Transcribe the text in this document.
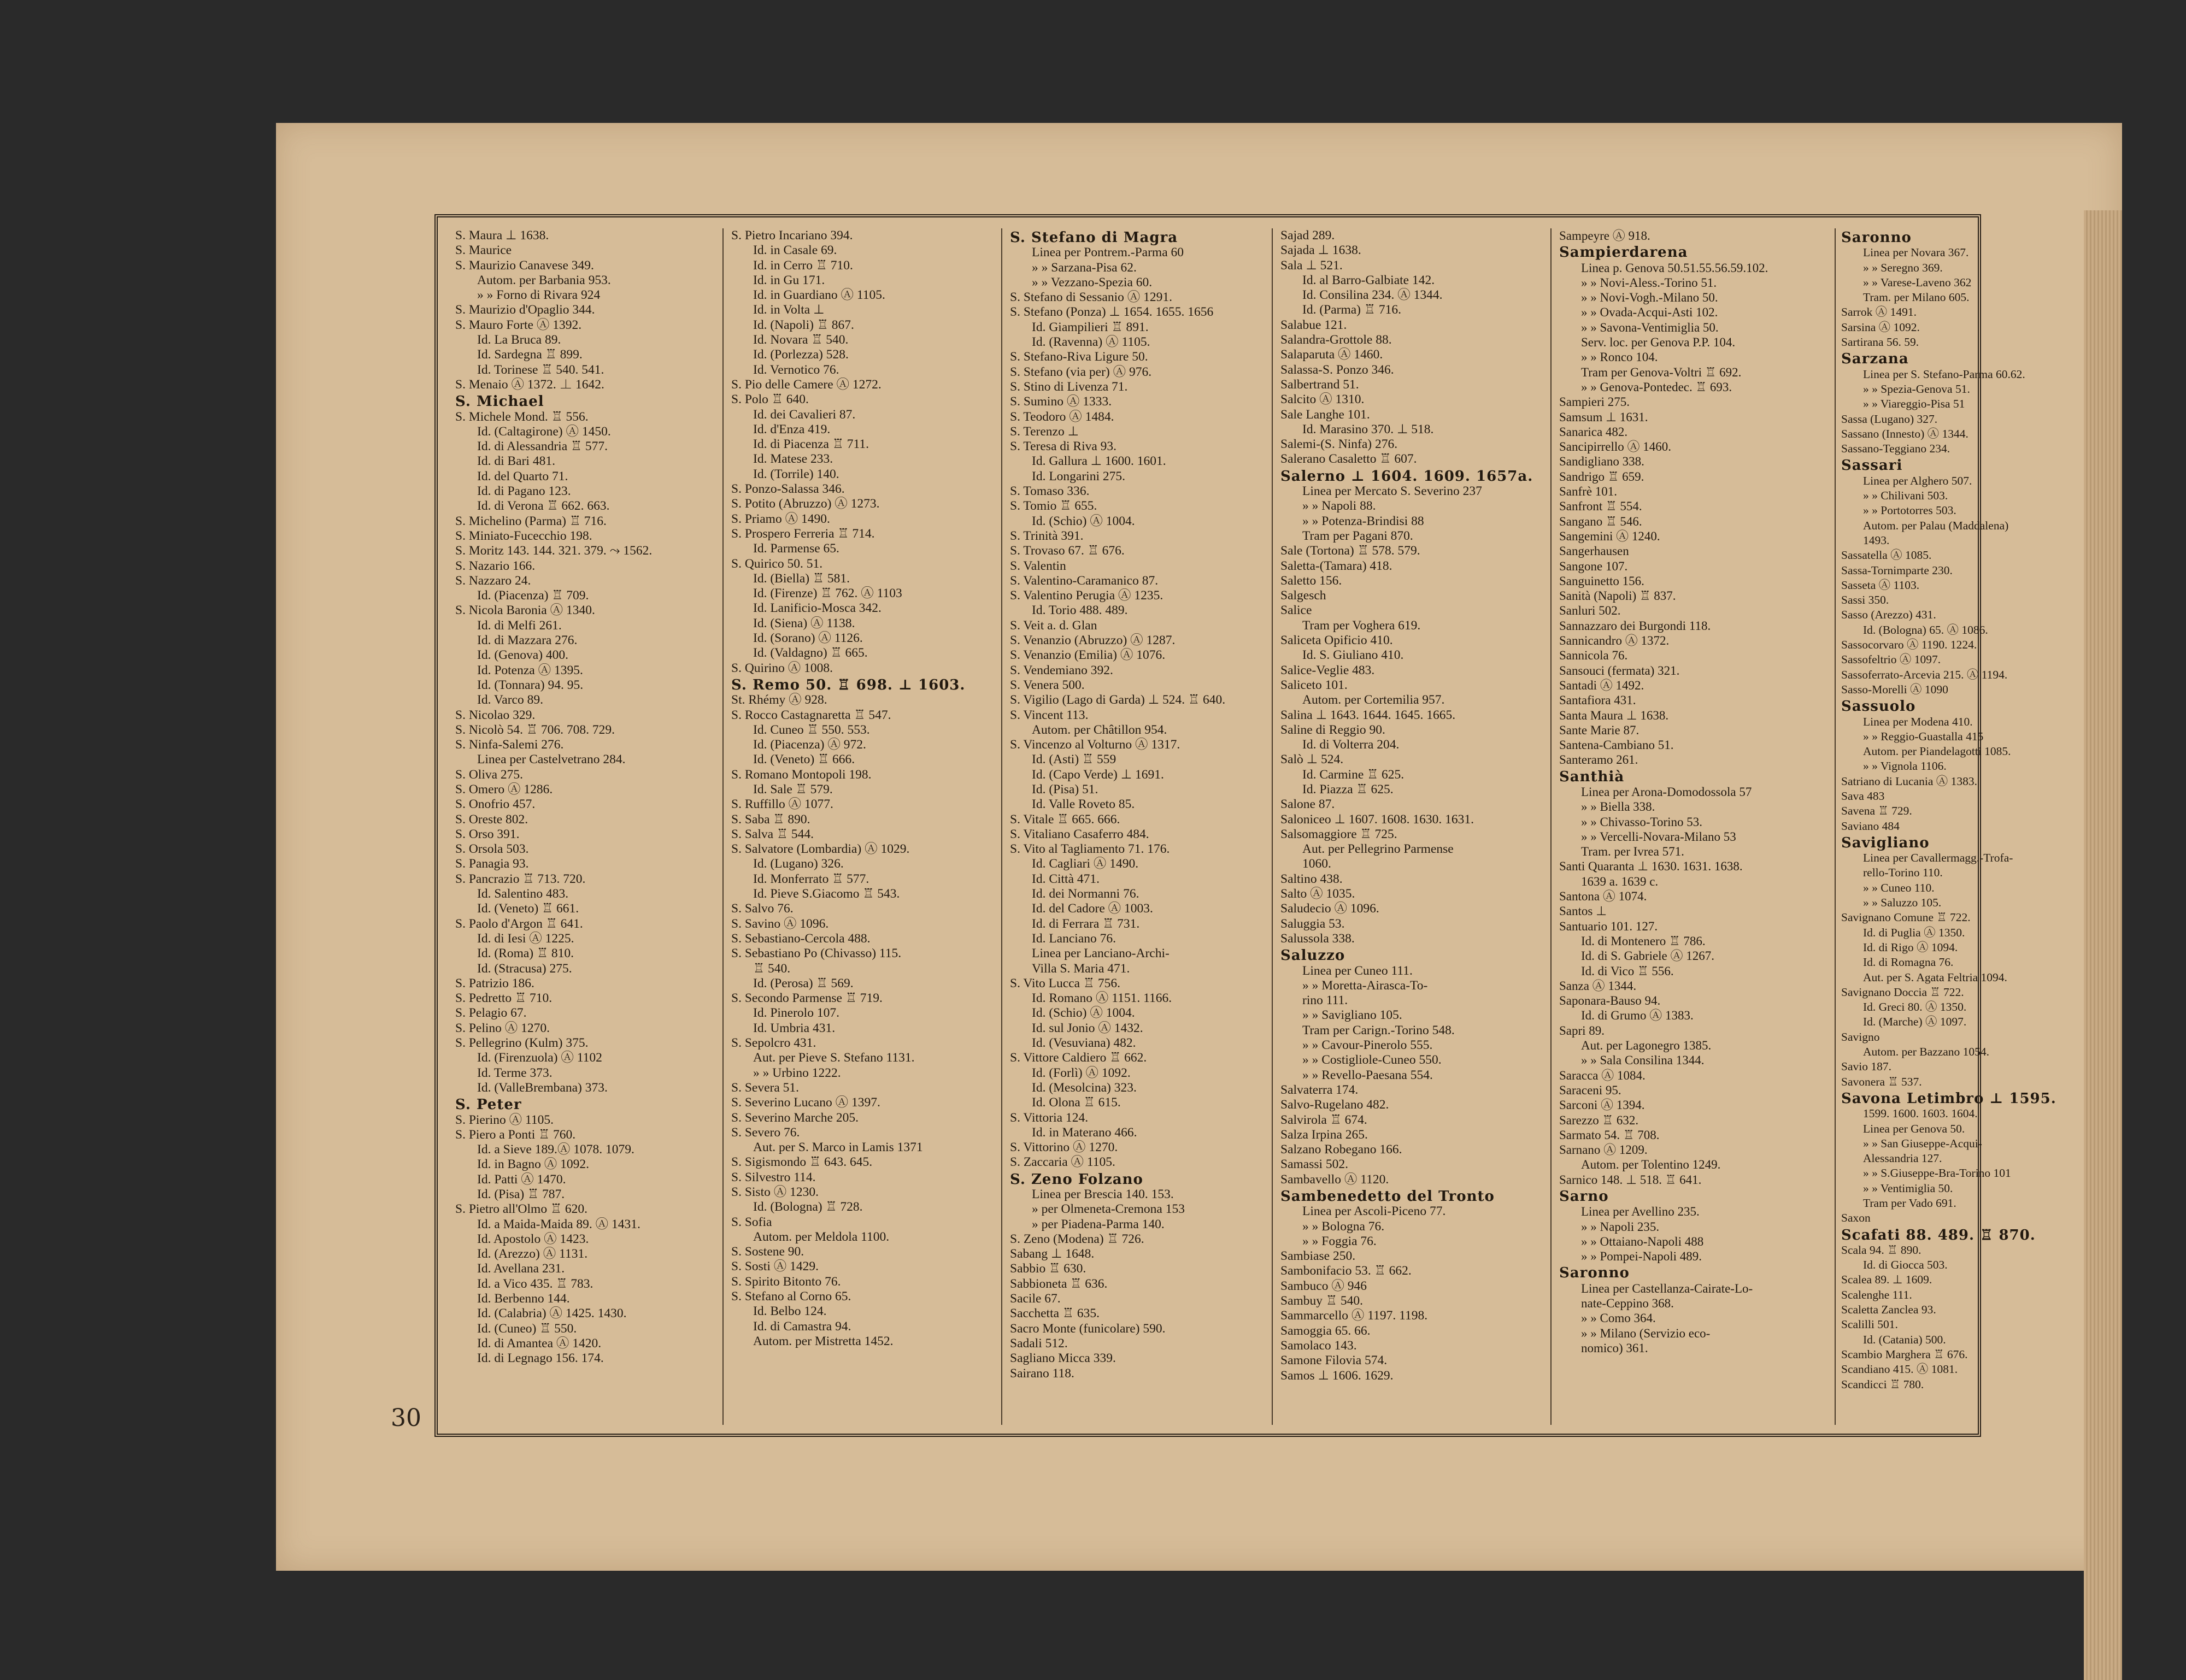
30
S. Maura ⊥ 1638.
S. Maurice
S. Maurizio Canavese 349.
Autom. per Barbania 953.
» » Forno di Rivara 924
S. Maurizio d'Opaglio 344.
S. Mauro Forte Ⓐ 1392.
Id. La Bruca 89.
Id. Sardegna ♖ 899.
Id. Torinese ♖ 540. 541.
S. Menaio Ⓐ 1372. ⊥ 1642.
S. Michael
S. Michele Mond. ♖ 556.
Id. (Caltagirone) Ⓐ 1450.
Id. di Alessandria ♖ 577.
Id. di Bari 481.
Id. del Quarto 71.
Id. di Pagano 123.
Id. di Verona ♖ 662. 663.
S. Michelino (Parma) ♖ 716.
S. Miniato-Fucecchio 198.
S. Moritz 143. 144. 321. 379. ⤳ 1562.
S. Nazario 166.
S. Nazzaro 24.
Id. (Piacenza) ♖ 709.
S. Nicola Baronia Ⓐ 1340.
Id. di Melfi 261.
Id. di Mazzara 276.
Id. (Genova) 400.
Id. Potenza Ⓐ 1395.
Id. (Tonnara) 94. 95.
Id. Varco 89.
S. Nicolao 329.
S. Nicolò 54. ♖ 706. 708. 729.
S. Ninfa-Salemi 276.
Linea per Castelvetrano 284.
S. Oliva 275.
S. Omero Ⓐ 1286.
S. Onofrio 457.
S. Oreste 802.
S. Orso 391.
S. Orsola 503.
S. Panagia 93.
S. Pancrazio ♖ 713. 720.
Id. Salentino 483.
Id. (Veneto) ♖ 661.
S. Paolo d'Argon ♖ 641.
Id. di Iesi Ⓐ 1225.
Id. (Roma) ♖ 810.
Id. (Stracusa) 275.
S. Patrizio 186.
S. Pedretto ♖ 710.
S. Pelagio 67.
S. Pelino Ⓐ 1270.
S. Pellegrino (Kulm) 375.
Id. (Firenzuola) Ⓐ 1102
Id. Terme 373.
Id. (ValleBrembana) 373.
S. Peter
S. Pierino Ⓐ 1105.
S. Piero a Ponti ♖ 760.
Id. a Sieve 189.Ⓐ 1078. 1079.
Id. in Bagno Ⓐ 1092.
Id. Patti Ⓐ 1470.
Id. (Pisa) ♖ 787.
S. Pietro all'Olmo ♖ 620.
Id. a Maida-Maida 89. Ⓐ 1431.
Id. Apostolo Ⓐ 1423.
Id. (Arezzo) Ⓐ 1131.
Id. Avellana 231.
Id. a Vico 435. ♖ 783.
Id. Berbenno 144.
Id. (Calabria) Ⓐ 1425. 1430.
Id. (Cuneo) ♖ 550.
Id. di Amantea Ⓐ 1420.
Id. di Legnago 156. 174.
S. Pietro Incariano 394.
Id. in Casale 69.
Id. in Cerro ♖ 710.
Id. in Gu 171.
Id. in Guardiano Ⓐ 1105.
Id. in Volta ⊥
Id. (Napoli) ♖ 867.
Id. Novara ♖ 540.
Id. (Porlezza) 528.
Id. Vernotico 76.
S. Pio delle Camere Ⓐ 1272.
S. Polo ♖ 640.
Id. dei Cavalieri 87.
Id. d'Enza 419.
Id. di Piacenza ♖ 711.
Id. Matese 233.
Id. (Torrile) 140.
S. Ponzo-Salassa 346.
S. Potito (Abruzzo) Ⓐ 1273.
S. Priamo Ⓐ 1490.
S. Prospero Ferreria ♖ 714.
Id. Parmense 65.
S. Quirico 50. 51.
Id. (Biella) ♖ 581.
Id. (Firenze) ♖ 762. Ⓐ 1103
Id. Lanificio-Mosca 342.
Id. (Siena) Ⓐ 1138.
Id. (Sorano) Ⓐ 1126.
Id. (Valdagno) ♖ 665.
S. Quirino Ⓐ 1008.
S. Remo 50. ♖ 698. ⊥ 1603.
St. Rhémy Ⓐ 928.
S. Rocco Castagnaretta ♖ 547.
Id. Cuneo ♖ 550. 553.
Id. (Piacenza) Ⓐ 972.
Id. (Veneto) ♖ 666.
S. Romano Montopoli 198.
Id. Sale ♖ 579.
S. Ruffillo Ⓐ 1077.
S. Saba ♖ 890.
S. Salva ♖ 544.
S. Salvatore (Lombardia) Ⓐ 1029.
Id. (Lugano) 326.
Id. Monferrato ♖ 577.
Id. Pieve S.Giacomo ♖ 543.
S. Salvo 76.
S. Savino Ⓐ 1096.
S. Sebastiano-Cercola 488.
S. Sebastiano Po (Chivasso) 115.
♖ 540.
Id. (Perosa) ♖ 569.
S. Secondo Parmense ♖ 719.
Id. Pinerolo 107.
Id. Umbria 431.
S. Sepolcro 431.
Aut. per Pieve S. Stefano 1131.
» » Urbino 1222.
S. Severa 51.
S. Severino Lucano Ⓐ 1397.
S. Severino Marche 205.
S. Severo 76.
Aut. per S. Marco in Lamis 1371
S. Sigismondo ♖ 643. 645.
S. Silvestro 114.
S. Sisto Ⓐ 1230.
Id. (Bologna) ♖ 728.
S. Sofia
Autom. per Meldola 1100.
S. Sostene 90.
S. Sosti Ⓐ 1429.
S. Spirito Bitonto 76.
S. Stefano al Corno 65.
Id. Belbo 124.
Id. di Camastra 94.
Autom. per Mistretta 1452.
S. Stefano di Magra
Linea per Pontrem.-Parma 60
» » Sarzana-Pisa 62.
» » Vezzano-Spezia 60.
S. Stefano di Sessanio Ⓐ 1291.
S. Stefano (Ponza) ⊥ 1654. 1655. 1656
Id. Giampilieri ♖ 891.
Id. (Ravenna) Ⓐ 1105.
S. Stefano-Riva Ligure 50.
S. Stefano (via per) Ⓐ 976.
S. Stino di Livenza 71.
S. Sumino Ⓐ 1333.
S. Teodoro Ⓐ 1484.
S. Terenzo ⊥
S. Teresa di Riva 93.
Id. Gallura ⊥ 1600. 1601.
Id. Longarini 275.
S. Tomaso 336.
S. Tomio ♖ 655.
Id. (Schio) Ⓐ 1004.
S. Trinità 391.
S. Trovaso 67. ♖ 676.
S. Valentin
S. Valentino-Caramanico 87.
S. Valentino Perugia Ⓐ 1235.
Id. Torio 488. 489.
S. Veit a. d. Glan
S. Venanzio (Abruzzo) Ⓐ 1287.
S. Venanzio (Emilia) Ⓐ 1076.
S. Vendemiano 392.
S. Venera 500.
S. Vigilio (Lago di Garda) ⊥ 524. ♖ 640.
S. Vincent 113.
Autom. per Châtillon 954.
S. Vincenzo al Volturno Ⓐ 1317.
Id. (Asti) ♖ 559
Id. (Capo Verde) ⊥ 1691.
Id. (Pisa) 51.
Id. Valle Roveto 85.
S. Vitale ♖ 665. 666.
S. Vitaliano Casaferro 484.
S. Vito al Tagliamento 71. 176.
Id. Cagliari Ⓐ 1490.
Id. Città 471.
Id. dei Normanni 76.
Id. del Cadore Ⓐ 1003.
Id. di Ferrara ♖ 731.
Id. Lanciano 76.
Linea per Lanciano-Archi-
Villa S. Maria 471.
S. Vito Lucca ♖ 756.
Id. Romano Ⓐ 1151. 1166.
Id. (Schio) Ⓐ 1004.
Id. sul Jonio Ⓐ 1432.
Id. (Vesuviana) 482.
S. Vittore Caldiero ♖ 662.
Id. (Forlì) Ⓐ 1092.
Id. (Mesolcina) 323.
Id. Olona ♖ 615.
S. Vittoria 124.
Id. in Materano 466.
S. Vittorino Ⓐ 1270.
S. Zaccaria Ⓐ 1105.
S. Zeno Folzano
Linea per Brescia 140. 153.
» per Olmeneta-Cremona 153
» per Piadena-Parma 140.
S. Zeno (Modena) ♖ 726.
Sabang ⊥ 1648.
Sabbio ♖ 630.
Sabbioneta ♖ 636.
Sacile 67.
Sacchetta ♖ 635.
Sacro Monte (funicolare) 590.
Sadali 512.
Sagliano Micca 339.
Sairano 118.
Sajad 289.
Sajada ⊥ 1638.
Sala ⊥ 521.
Id. al Barro-Galbiate 142.
Id. Consilina 234. Ⓐ 1344.
Id. (Parma) ♖ 716.
Salabue 121.
Salandra-Grottole 88.
Salaparuta Ⓐ 1460.
Salassa-S. Ponzo 346.
Salbertrand 51.
Salcito Ⓐ 1310.
Sale Langhe 101.
Id. Marasino 370. ⊥ 518.
Salemi-(S. Ninfa) 276.
Salerano Casaletto ♖ 607.
Salerno ⊥ 1604. 1609. 1657a.
Linea per Mercato S. Severino 237
» » Napoli 88.
» » Potenza-Brindisi 88
Tram per Pagani 870.
Sale (Tortona) ♖ 578. 579.
Saletta-(Tamara) 418.
Saletto 156.
Salgesch
Salice
Tram per Voghera 619.
Saliceta Opificio 410.
Id. S. Giuliano 410.
Salice-Veglie 483.
Saliceto 101.
Autom. per Cortemilia 957.
Salina ⊥ 1643. 1644. 1645. 1665.
Saline di Reggio 90.
Id. di Volterra 204.
Salò ⊥ 524.
Id. Carmine ♖ 625.
Id. Piazza ♖ 625.
Salone 87.
Saloniceo ⊥ 1607. 1608. 1630. 1631.
Salsomaggiore ♖ 725.
Aut. per Pellegrino Parmense
1060.
Saltino 438.
Salto Ⓐ 1035.
Saludecio Ⓐ 1096.
Saluggia 53.
Salussola 338.
Saluzzo
Linea per Cuneo 111.
» » Moretta-Airasca-To-
rino 111.
» » Savigliano 105.
Tram per Carign.-Torino 548.
» » Cavour-Pinerolo 555.
» » Costigliole-Cuneo 550.
» » Revello-Paesana 554.
Salvaterra 174.
Salvo-Rugelano 482.
Salvirola ♖ 674.
Salza Irpina 265.
Salzano Robegano 166.
Samassi 502.
Sambavello Ⓐ 1120.
Sambenedetto del Tronto
Linea per Ascoli-Piceno 77.
» » Bologna 76.
» » Foggia 76.
Sambiase 250.
Sambonifacio 53. ♖ 662.
Sambuco Ⓐ 946
Sambuy ♖ 540.
Sammarcello Ⓐ 1197. 1198.
Samoggia 65. 66.
Samolaco 143.
Samone Filovia 574.
Samos ⊥ 1606. 1629.
Sampeyre Ⓐ 918.
Sampierdarena
Linea p. Genova 50.51.55.56.59.102.
» » Novi-Aless.-Torino 51.
» » Novi-Vogh.-Milano 50.
» » Ovada-Acqui-Asti 102.
» » Savona-Ventimiglia 50.
Serv. loc. per Genova P.P. 104.
» » Ronco 104.
Tram per Genova-Voltri ♖ 692.
» » Genova-Pontedec. ♖ 693.
Sampieri 275.
Samsum ⊥ 1631.
Sanarica 482.
Sancipirrello Ⓐ 1460.
Sandigliano 338.
Sandrigo ♖ 659.
Sanfrè 101.
Sanfront ♖ 554.
Sangano ♖ 546.
Sangemini Ⓐ 1240.
Sangerhausen
Sangone 107.
Sanguinetto 156.
Sanità (Napoli) ♖ 837.
Sanluri 502.
Sannazzaro dei Burgondi 118.
Sannicandro Ⓐ 1372.
Sannicola 76.
Sansouci (fermata) 321.
Santadi Ⓐ 1492.
Santafiora 431.
Santa Maura ⊥ 1638.
Sante Marie 87.
Santena-Cambiano 51.
Santeramo 261.
Santhià
Linea per Arona-Domodossola 57
» » Biella 338.
» » Chivasso-Torino 53.
» » Vercelli-Novara-Milano 53
Tram. per Ivrea 571.
Santi Quaranta ⊥ 1630. 1631. 1638.
1639 a. 1639 c.
Santona Ⓐ 1074.
Santos ⊥
Santuario 101. 127.
Id. di Montenero ♖ 786.
Id. di S. Gabriele Ⓐ 1267.
Id. di Vico ♖ 556.
Sanza Ⓐ 1344.
Saponara-Bauso 94.
Id. di Grumo Ⓐ 1383.
Sapri 89.
Aut. per Lagonegro 1385.
» » Sala Consilina 1344.
Saracca Ⓐ 1084.
Saraceni 95.
Sarconi Ⓐ 1394.
Sarezzo ♖ 632.
Sarmato 54. ♖ 708.
Sarnano Ⓐ 1209.
Autom. per Tolentino 1249.
Sarnico 148. ⊥ 518. ♖ 641.
Sarno
Linea per Avellino 235.
» » Napoli 235.
» » Ottaiano-Napoli 488
» » Pompei-Napoli 489.
Saronno
Linea per Castellanza-Cairate-Lo-
nate-Ceppino 368.
» » Como 364.
» » Milano (Servizio eco-
nomico) 361.
Saronno
Linea per Novara 367.
» » Seregno 369.
» » Varese-Laveno 362
Tram. per Milano 605.
Sarrok Ⓐ 1491.
Sarsina Ⓐ 1092.
Sartirana 56. 59.
Sarzana
Linea per S. Stefano-Parma 60.62.
» » Spezia-Genova 51.
» » Viareggio-Pisa 51
Sassa (Lugano) 327.
Sassano (Innesto) Ⓐ 1344.
Sassano-Teggiano 234.
Sassari
Linea per Alghero 507.
» » Chilivani 503.
» » Portotorres 503.
Autom. per Palau (Maddalena)
1493.
Sassatella Ⓐ 1085.
Sassa-Tornimparte 230.
Sasseta Ⓐ 1103.
Sassi 350.
Sasso (Arezzo) 431.
Id. (Bologna) 65. Ⓐ 1086.
Sassocorvaro Ⓐ 1190. 1224.
Sassofeltrio Ⓐ 1097.
Sassoferrato-Arcevia 215. Ⓐ 1194.
Sasso-Morelli Ⓐ 1090
Sassuolo
Linea per Modena 410.
» » Reggio-Guastalla 415
Autom. per Piandelagotti 1085.
» » Vignola 1106.
Satriano di Lucania Ⓐ 1383.
Sava 483
Savena ♖ 729.
Saviano 484
Savigliano
Linea per Cavallermagg.-Trofa-
rello-Torino 110.
» » Cuneo 110.
» » Saluzzo 105.
Savignano Comune ♖ 722.
Id. di Puglia Ⓐ 1350.
Id. di Rigo Ⓐ 1094.
Id. di Romagna 76.
Aut. per S. Agata Feltria 1094.
Savignano Doccia ♖ 722.
Id. Greci 80. Ⓐ 1350.
Id. (Marche) Ⓐ 1097.
Savigno
Autom. per Bazzano 1054.
Savio 187.
Savonera ♖ 537.
Savona Letimbro ⊥ 1595.
1599. 1600. 1603. 1604.
Linea per Genova 50.
» » San Giuseppe-Acqui-
Alessandria 127.
» » S.Giuseppe-Bra-Torino 101
» » Ventimiglia 50.
Tram per Vado 691.
Saxon
Scafati 88. 489. ♖ 870.
Scala 94. ♖ 890.
Id. di Giocca 503.
Scalea 89. ⊥ 1609.
Scalenghe 111.
Scaletta Zanclea 93.
Scalilli 501.
Id. (Catania) 500.
Scambio Marghera ♖ 676.
Scandiano 415. Ⓐ 1081.
Scandicci ♖ 780.
